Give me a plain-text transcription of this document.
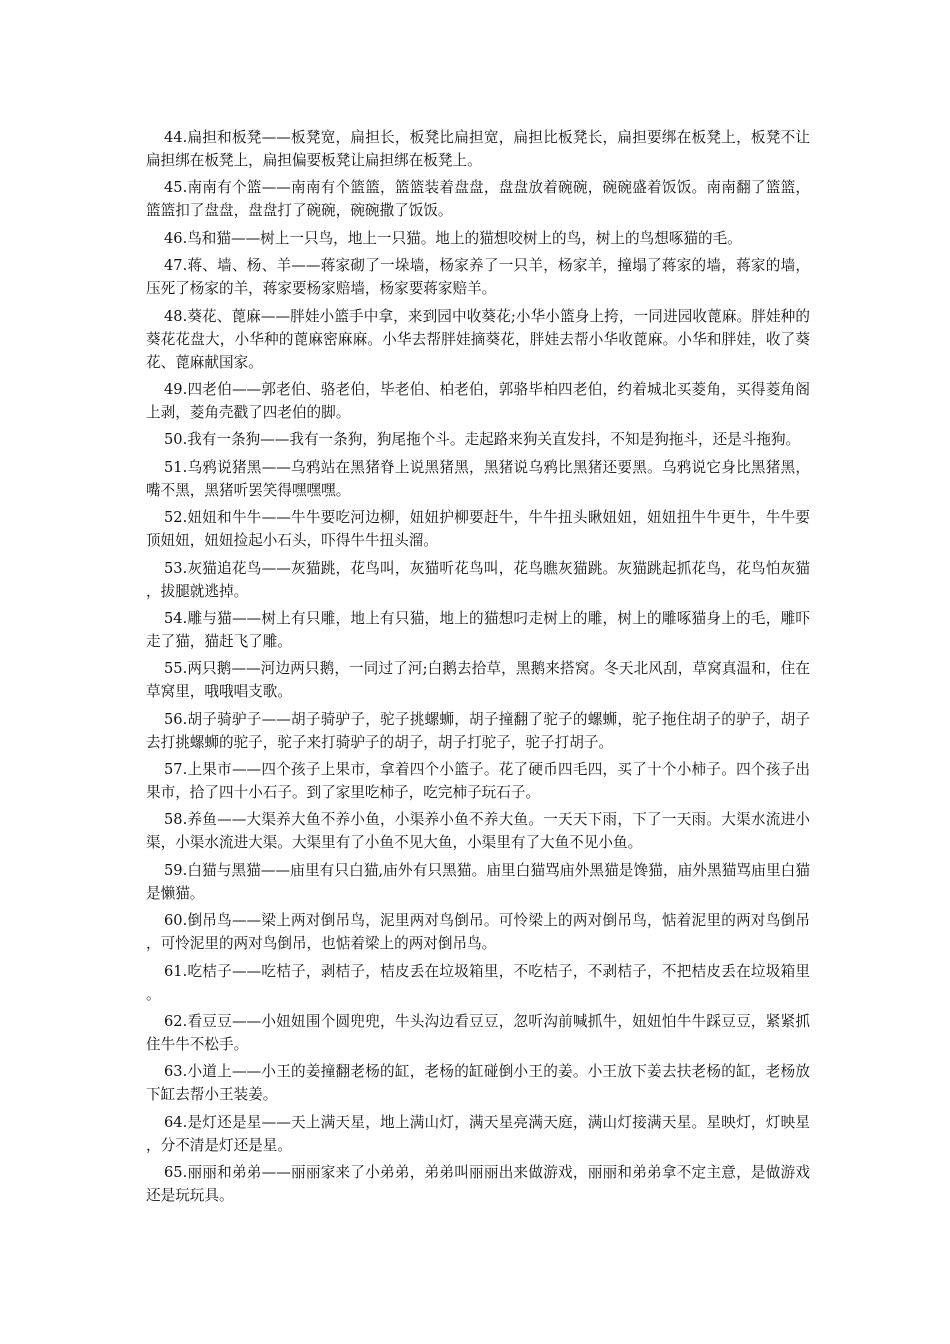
44.扁担和板凳——板凳宽，扁担长，板凳比扁担宽，扁担比板凳长，扁担要绑在板凳上，板凳不让扁担绑在板凳上，扁担偏要板凳让扁担绑在板凳上。

45.南南有个篮——南南有个篮篮，篮篮装着盘盘，盘盘放着碗碗，碗碗盛着饭饭。南南翻了篮篮，篮篮扣了盘盘，盘盘打了碗碗，碗碗撒了饭饭。

46.鸟和猫——树上一只鸟，地上一只猫。地上的猫想咬树上的鸟，树上的鸟想啄猫的毛。

47.蒋、墙、杨、羊——蒋家砌了一垛墙，杨家养了一只羊，杨家羊，撞塌了蒋家的墙，蒋家的墙，压死了杨家的羊，蒋家要杨家赔墙，杨家要蒋家赔羊。

48.葵花、蓖麻——胖娃小篮手中拿，来到园中收葵花;小华小篮身上挎，一同进园收蓖麻。胖娃种的葵花花盘大，小华种的蓖麻密麻麻。小华去帮胖娃摘葵花，胖娃去帮小华收蓖麻。小华和胖娃，收了葵花、蓖麻献国家。

49.四老伯——郭老伯、骆老伯，毕老伯、柏老伯，郭骆毕柏四老伯，约着城北买菱角，买得菱角阁上剥，菱角壳戳了四老伯的脚。

50.我有一条狗——我有一条狗，狗尾拖个斗。走起路来狗关直发抖，不知是狗拖斗，还是斗拖狗。

51.乌鸦说猪黑——乌鸦站在黑猪脊上说黑猪黑，黑猪说乌鸦比黑猪还要黑。乌鸦说它身比黑猪黑，嘴不黑，黑猪听罢笑得嘿嘿嘿。

52.妞妞和牛牛——牛牛要吃河边柳，妞妞护柳要赶牛，牛牛扭头瞅妞妞，妞妞扭牛牛更牛，牛牛要顶妞妞，妞妞捡起小石头，吓得牛牛扭头溜。

53.灰猫追花鸟——灰猫跳，花鸟叫，灰猫听花鸟叫，花鸟瞧灰猫跳。灰猫跳起抓花鸟，花鸟怕灰猫，拔腿就逃掉。

54.雕与猫——树上有只雕，地上有只猫，地上的猫想叼走树上的雕，树上的雕啄猫身上的毛，雕吓走了猫，猫赶飞了雕。

55.两只鹅——河边两只鹅，一同过了河;白鹅去拾草，黑鹅来搭窝。冬天北风刮，草窝真温和，住在草窝里，哦哦唱支歌。

56.胡子骑驴子——胡子骑驴子，驼子挑螺蛳，胡子撞翻了驼子的螺蛳，驼子拖住胡子的驴子，胡子去打挑螺蛳的驼子，驼子来打骑驴子的胡子，胡子打驼子，驼子打胡子。

57.上果市——四个孩子上果市，拿着四个小篮子。花了硬币四毛四，买了十个小柿子。四个孩子出果市，拾了四十小石子。到了家里吃柿子，吃完柿子玩石子。

58.养鱼——大渠养大鱼不养小鱼，小渠养小鱼不养大鱼。一天天下雨，下了一天雨。大渠水流进小渠，小渠水流进大渠。大渠里有了小鱼不见大鱼，小渠里有了大鱼不见小鱼。

59.白猫与黑猫——庙里有只白猫,庙外有只黑猫。庙里白猫骂庙外黑猫是馋猫，庙外黑猫骂庙里白猫是懒猫。

60.倒吊鸟——梁上两对倒吊鸟，泥里两对鸟倒吊。可怜梁上的两对倒吊鸟，惦着泥里的两对鸟倒吊，可怜泥里的两对鸟倒吊，也惦着梁上的两对倒吊鸟。

61.吃桔子——吃桔子，剥桔子，桔皮丢在垃圾箱里，不吃桔子，不剥桔子，不把桔皮丢在垃圾箱里。

62.看豆豆——小妞妞围个圆兜兜，牛头沟边看豆豆，忽听沟前喊抓牛，妞妞怕牛牛踩豆豆，紧紧抓住牛牛不松手。

63.小道上——小王的姜撞翻老杨的缸，老杨的缸碰倒小王的姜。小王放下姜去扶老杨的缸，老杨放下缸去帮小王装姜。

64.是灯还是星——天上满天星，地上满山灯，满天星亮满天庭，满山灯接满天星。星映灯，灯映星，分不清是灯还是星。

65.丽丽和弟弟——丽丽家来了小弟弟，弟弟叫丽丽出来做游戏，丽丽和弟弟拿不定主意，是做游戏还是玩玩具。
